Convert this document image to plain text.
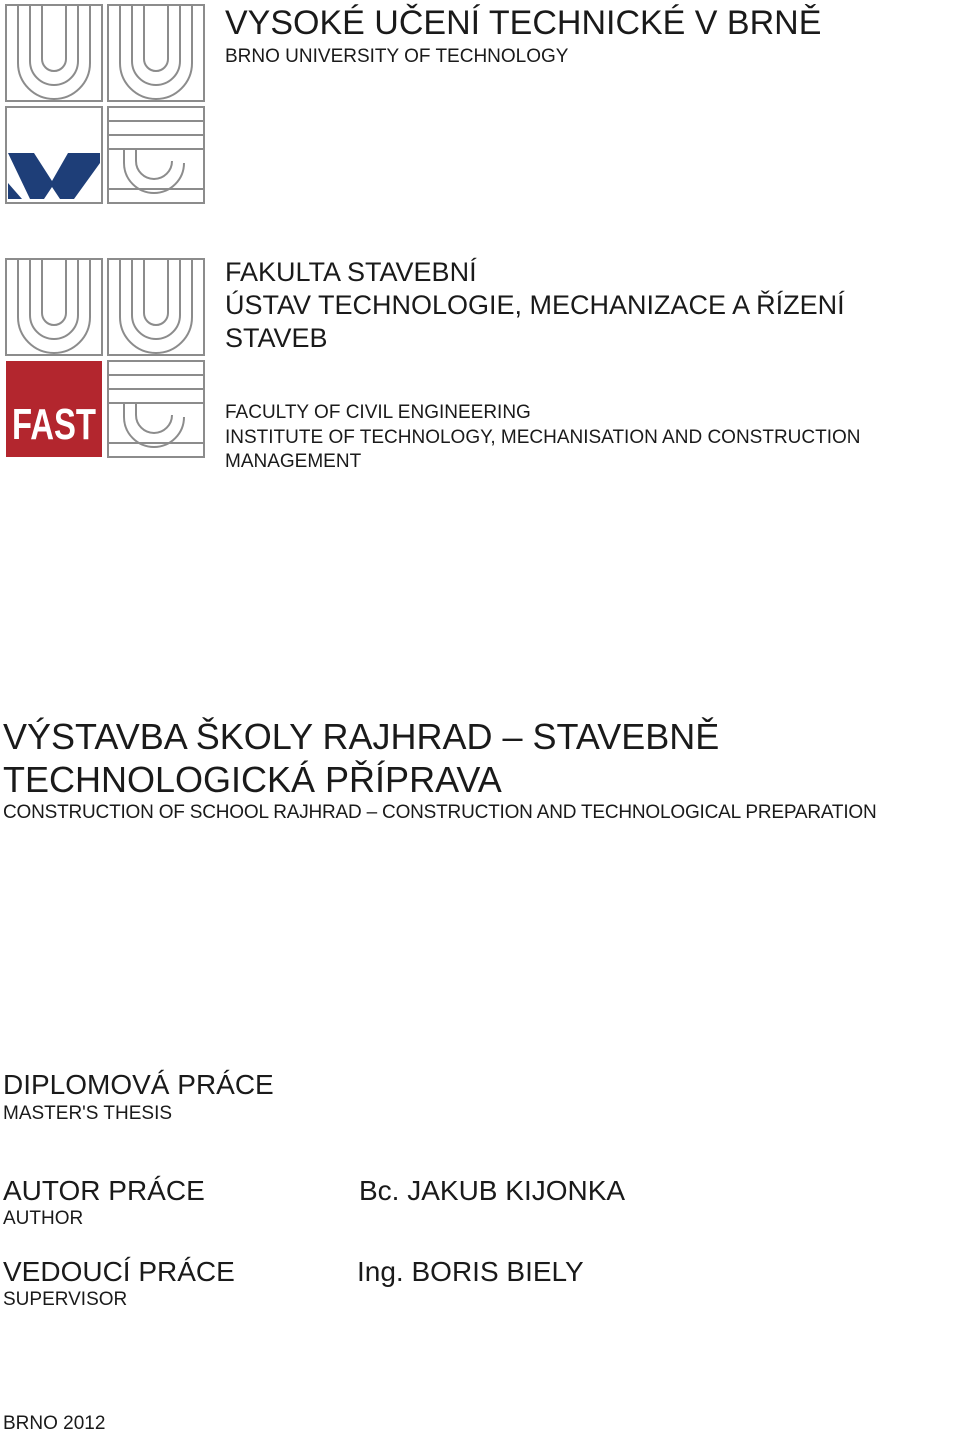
VYSOKÉ UČENÍ TECHNICKÉ V BRNĚ
BRNO UNIVERSITY OF TECHNOLOGY
FAST
FAKULTA STAVEBNÍ
ÚSTAV TECHNOLOGIE, MECHANIZACE A ŘÍZENÍ
STAVEB
FACULTY OF CIVIL ENGINEERING
INSTITUTE OF TECHNOLOGY, MECHANISATION AND CONSTRUCTION
MANAGEMENT
VÝSTAVBA ŠKOLY RAJHRAD – STAVEBNĚ
TECHNOLOGICKÁ PŘÍPRAVA
CONSTRUCTION OF SCHOOL RAJHRAD – CONSTRUCTION AND TECHNOLOGICAL PREPARATION
DIPLOMOVÁ PRÁCE
MASTER'S THESIS
AUTOR PRÁCE
AUTHOR
Bc. JAKUB KIJONKA
VEDOUCÍ PRÁCE
SUPERVISOR
Ing. BORIS BIELY
BRNO 2012
